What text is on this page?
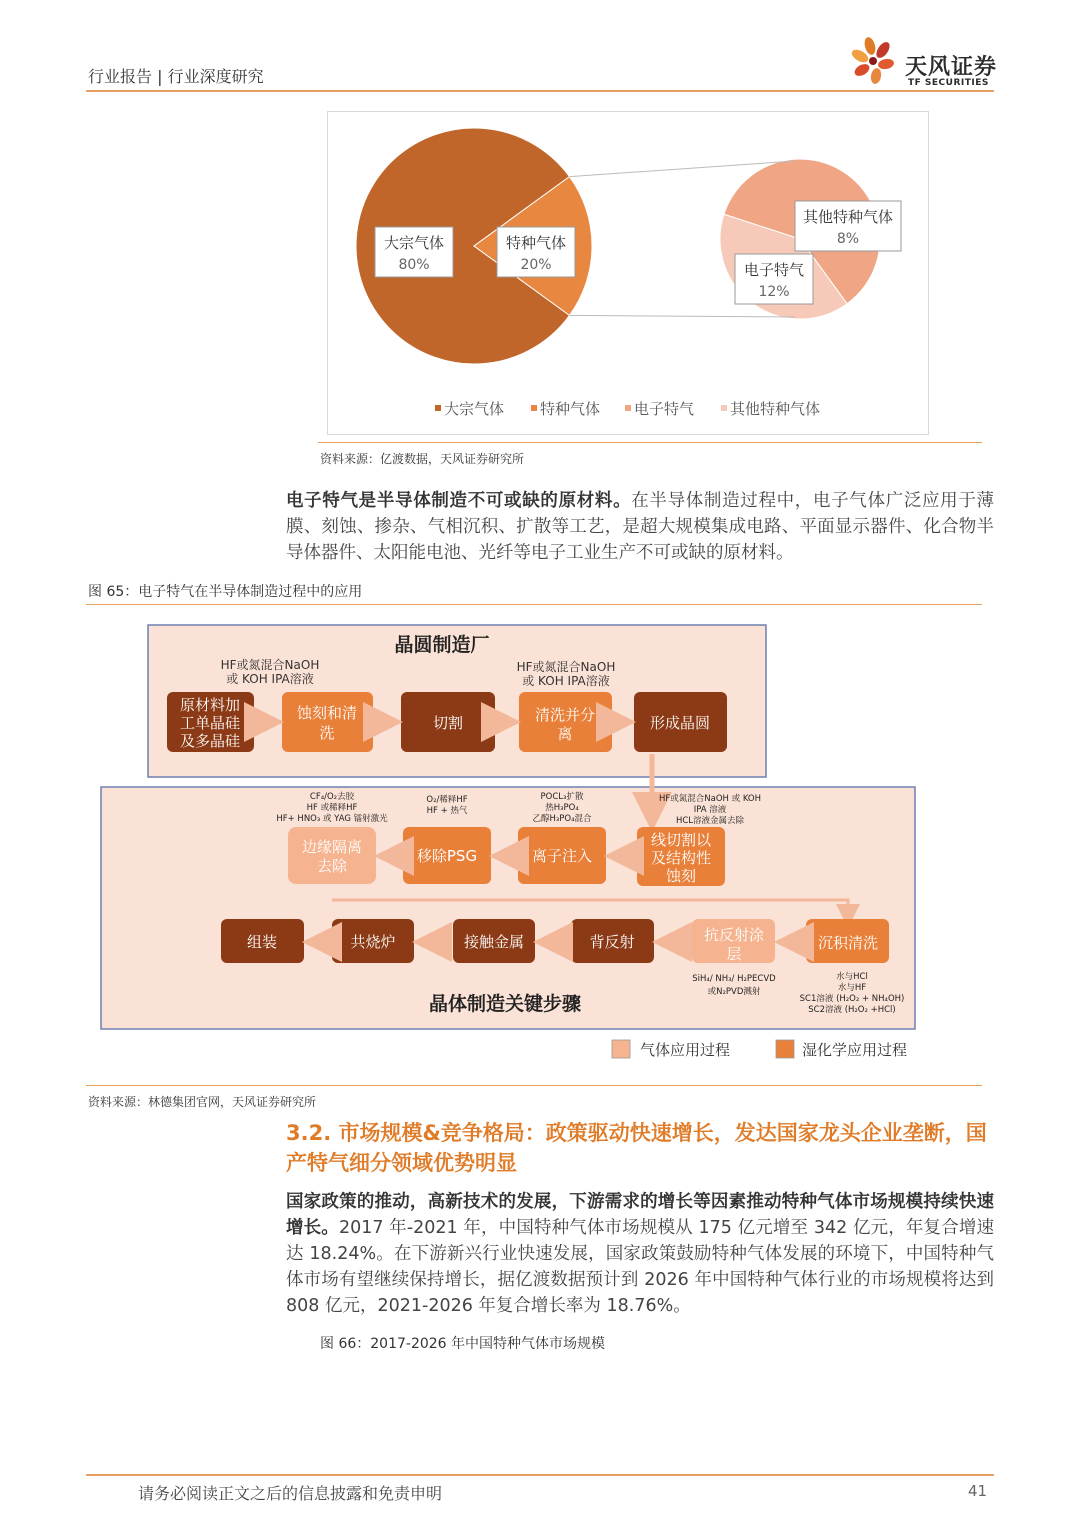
行业报告 | 行业深度研究	天风证券
TF SECURITIES
大宗气体
80%
特种气体
20%	电子特气
12%
其他特种气体
8%
大宗气体 特种气体 电子特气 其他特种气体
资料来源：亿渡数据，天风证券研究所
电子特气是半导体制造不可或缺的原材料。在半导体制造过程中，电子气体广泛应用于薄膜、刻蚀、掺杂、气相沉积、扩散等工艺，是超大规模集成电路、平面显示器件、化合物半导体器件、太阳能电池、光纤等电子工业生产不可或缺的原材料。
图 65：电子特气在半导体制造过程中的应用
晶圆制造厂
晶体制造关键步骤
HF或氮混合NaOH
或 KOH IPA溶液
HF或氮混合NaOH
或 KOH IPA溶液
原材料加
工单晶硅
及多晶硅
蚀刻和清
洗
切割	清洗并分
离
形成晶圆
CF₄/O₂去胶
HF 或稀释HF
HF+ HNO₃ 或 YAG 镭射激光
O₂/稀释HF
HF + 热气
POCL₃扩散
热H₃PO₄
乙醇H₃PO₄混合
HF或氮混合NaOH 或 KOH
IPA 溶液
HCL溶液金属去除
边缘隔离
去除
移除PSG	离子注入
线切割以
及结构性
蚀刻
组装	共烧炉	接触金属	背反射	抗反射涂
层
沉积清洗
SiH₄/ NH₃/ H₂PECVD
或N₂PVD溅射
水与HCl
水与HF
SC1溶液 (H₂O₂ + NH₄OH)
SC2溶液 (H₂O₂ +HCl)
气体应用过程	湿化学应用过程
资料来源：林德集团官网，天风证券研究所
3.2. 市场规模&竞争格局：政策驱动快速增长，发达国家龙头企业垄断，国产特气细分领域优势明显
国家政策的推动，高新技术的发展，下游需求的增长等因素推动特种气体市场规模持续快速增长。2017 年-2021 年，中国特种气体市场规模从 175 亿元增至 342 亿元，年复合增速达 18.24%。在下游新兴行业快速发展，国家政策鼓励特种气体发展的环境下，中国特种气体市场有望继续保持增长，据亿渡数据预计到 2026 年中国特种气体行业的市场规模将达到 808 亿元，2021-2026 年复合增长率为 18.76%。
图 66：2017-2026 年中国特种气体市场规模
请务必阅读正文之后的信息披露和免责申明	41
